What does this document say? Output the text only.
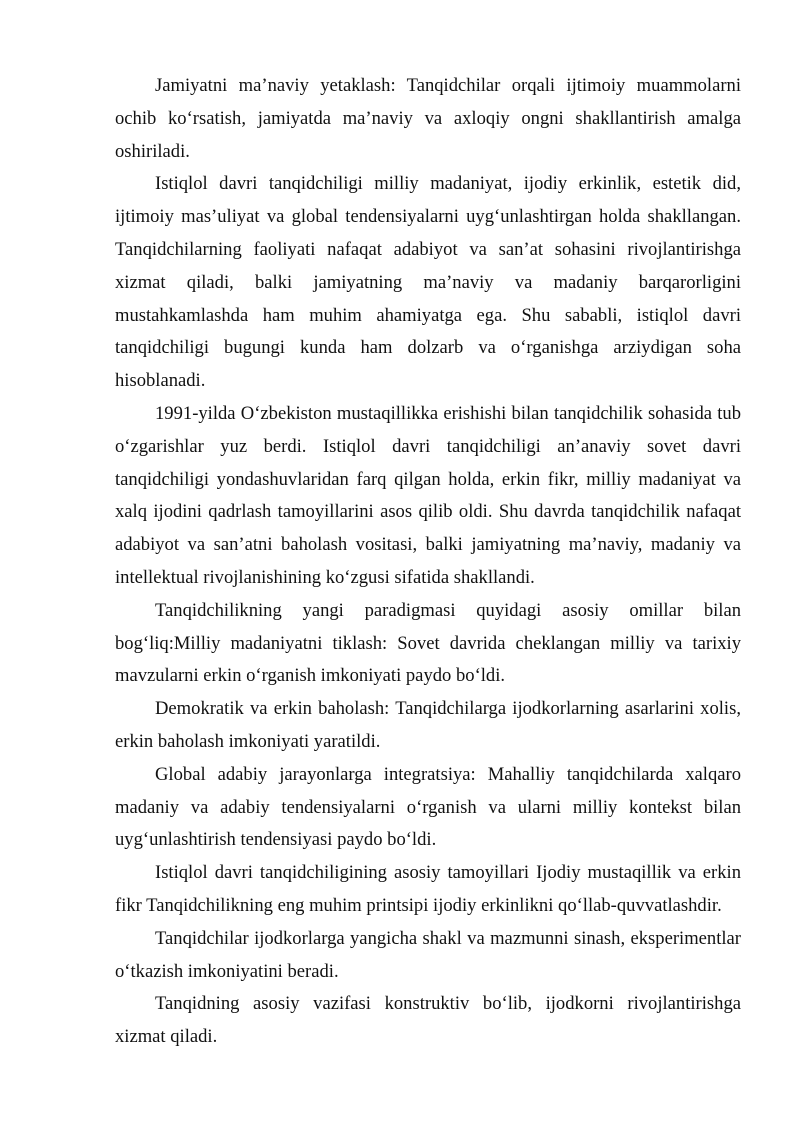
Jamiyatni ma’naviy yetaklash: Tanqidchilar orqali ijtimoiy muammolarni ochib ko‘rsatish, jamiyatda ma’naviy va axloqiy ongni shakllantirish amalga oshiriladi.

Istiqlol davri tanqidchiligi milliy madaniyat, ijodiy erkinlik, estetik did, ijtimoiy mas’uliyat va global tendensiyalarni uyg‘unlashtirgan holda shakllangan. Tanqidchilarning faoliyati nafaqat adabiyot va san’at sohasini rivojlantirishga xizmat qiladi, balki jamiyatning ma’naviy va madaniy barqarorligini mustahkamlashda ham muhim ahamiyatga ega. Shu sababli, istiqlol davri tanqidchiligi bugungi kunda ham dolzarb va o‘rganishga arziydigan soha hisoblanadi.

1991-yilda O‘zbekiston mustaqillikka erishishi bilan tanqidchilik sohasida tub o‘zgarishlar yuz berdi. Istiqlol davri tanqidchiligi an’anaviy sovet davri tanqidchiligi yondashuvlaridan farq qilgan holda, erkin fikr, milliy madaniyat va xalq ijodini qadrlash tamoyillarini asos qilib oldi. Shu davrda tanqidchilik nafaqat adabiyot va san’atni baholash vositasi, balki jamiyatning ma’naviy, madaniy va intellektual rivojlanishining ko‘zgusi sifatida shakllandi.

Tanqidchilikning yangi paradigmasi quyidagi asosiy omillar bilan bog‘liq:Milliy madaniyatni tiklash: Sovet davrida cheklangan milliy va tarixiy mavzularni erkin o‘rganish imkoniyati paydo bo‘ldi.

Demokratik va erkin baholash: Tanqidchilarga ijodkorlarning asarlarini xolis, erkin baholash imkoniyati yaratildi.

Global adabiy jarayonlarga integratsiya: Mahalliy tanqidchilarda xalqaro madaniy va adabiy tendensiyalarni o‘rganish va ularni milliy kontekst bilan uyg‘unlashtirish tendensiyasi paydo bo‘ldi.

Istiqlol davri tanqidchiligining asosiy tamoyillari Ijodiy mustaqillik va erkin fikr Tanqidchilikning eng muhim printsipi ijodiy erkinlikni qo‘llab-quvvatlashdir.

Tanqidchilar ijodkorlarga yangicha shakl va mazmunni sinash, eksperimentlar o‘tkazish imkoniyatini beradi.

Tanqidning asosiy vazifasi konstruktiv bo‘lib, ijodkorni rivojlantirishga xizmat qiladi.
